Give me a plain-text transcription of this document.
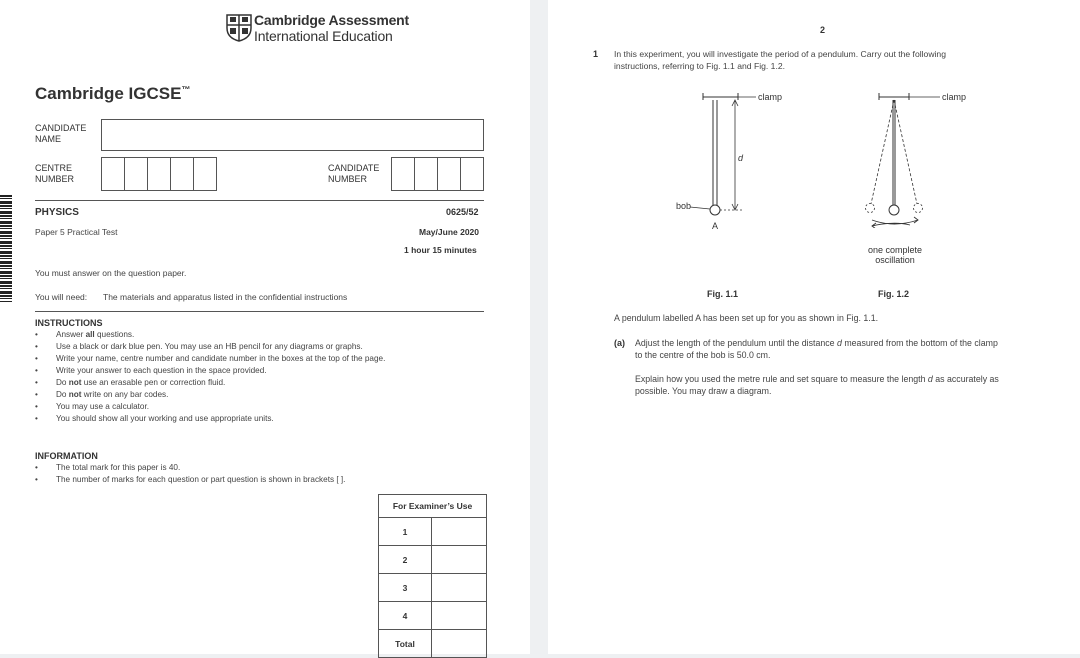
Cambridge Assessment
International Education
Cambridge IGCSE™
CANDIDATE
NAME
CENTRE
NUMBER
CANDIDATE
NUMBER
PHYSICS	0625/52
Paper 5 Practical Test	May/June 2020
1 hour 15 minutes
You must answer on the question paper.
You will need: The materials and apparatus listed in the confidential instructions
INSTRUCTIONS
• Answer all questions.
• Use a black or dark blue pen. You may use an HB pencil for any diagrams or graphs.
• Write your name, centre number and candidate number in the boxes at the top of the page.
• Write your answer to each question in the space provided.
• Do not use an erasable pen or correction fluid.
• Do not write on any bar codes.
• You may use a calculator.
• You should show all your working and use appropriate units.
INFORMATION
• The total mark for this paper is 40.
• The number of marks for each question or part question is shown in brackets [ ].
For Examiner’s Use	
1	
2	
3	
4	
Total	
2
1 In this experiment, you will investigate the period of a pendulum. Carry out the following
instructions, referring to Fig. 1.1 and Fig. 1.2.
clamp
d
bob
A
Fig. 1.1
clamp
one complete
oscillation
Fig. 1.2
A pendulum labelled A has been set up for you as shown in Fig. 1.1.
(a) Adjust the length of the pendulum until the distance d measured from the bottom of the clamp
to the centre of the bob is 50.0 cm.
Explain how you used the metre rule and set square to measure the length d as accurately as
possible. You may draw a diagram.
